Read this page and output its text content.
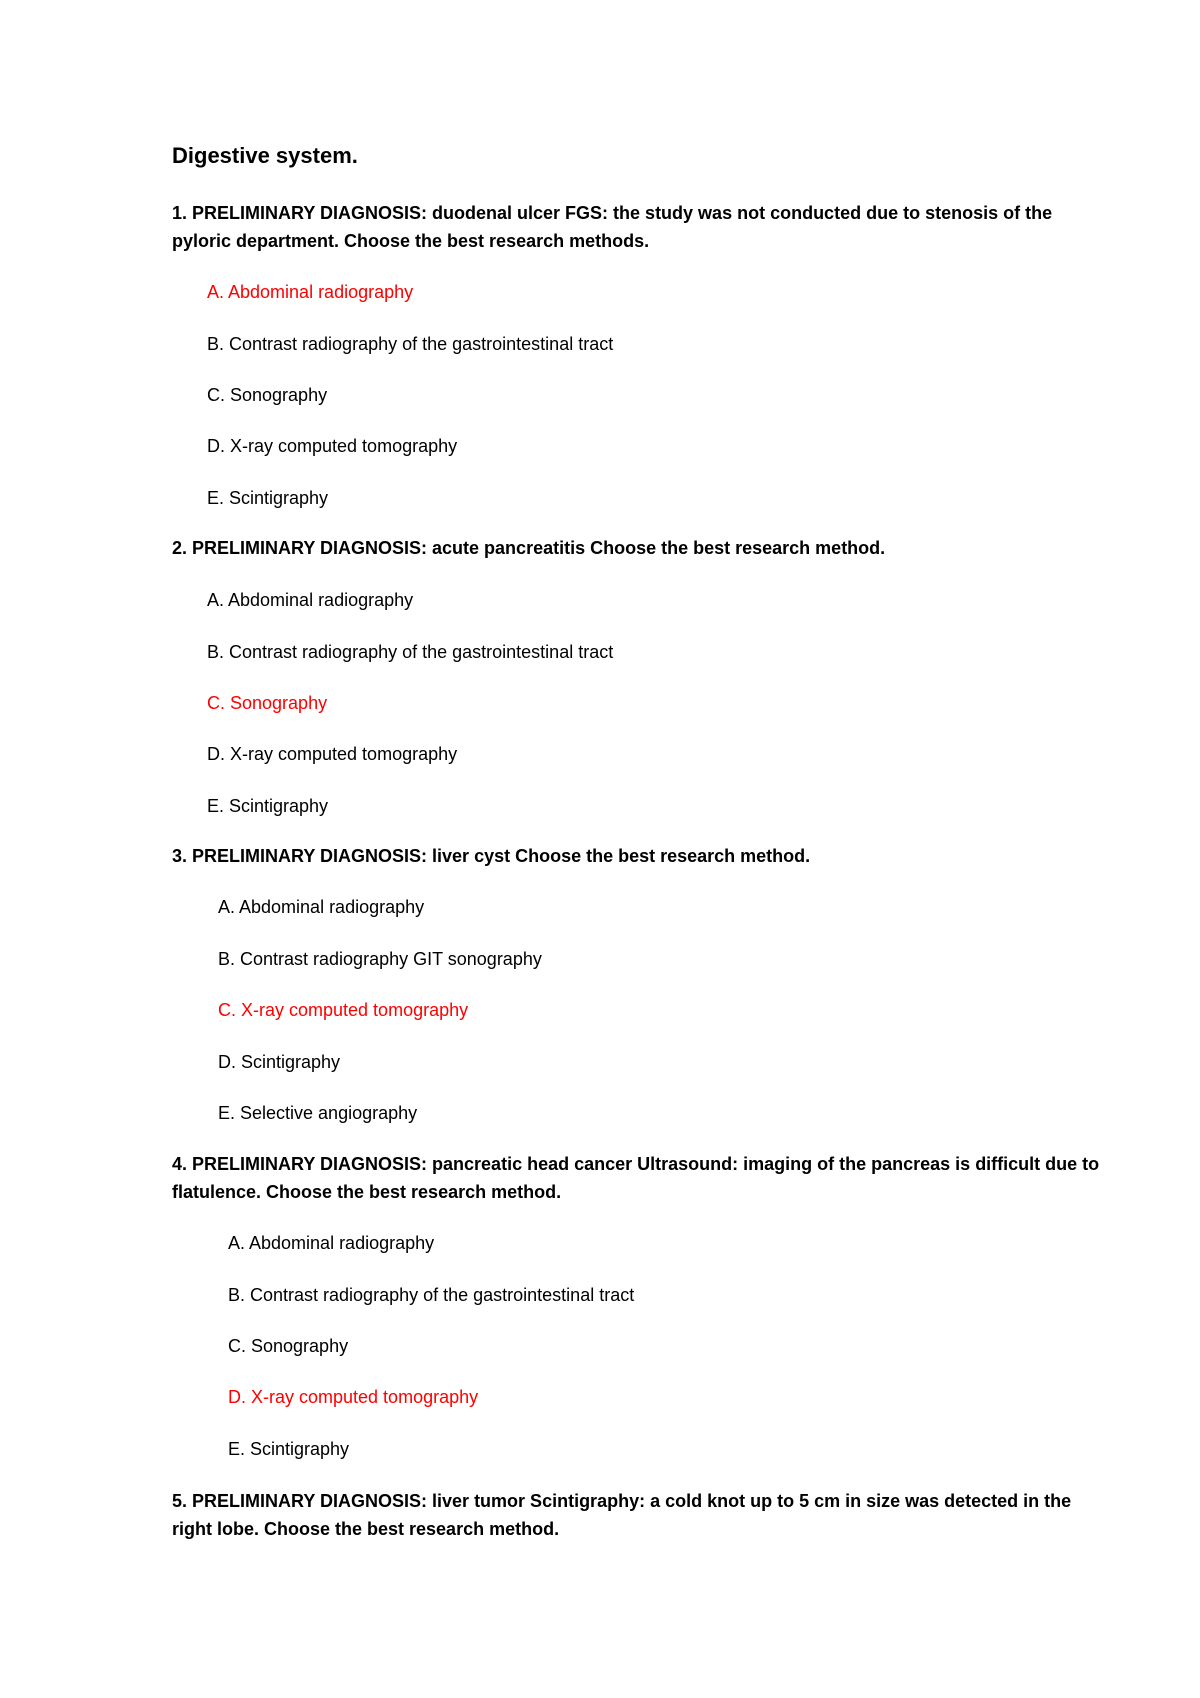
Digestive system.
1. PRELIMINARY DIAGNOSIS: duodenal ulcer FGS: the study was not conducted due to stenosis of the pyloric department. Choose the best research methods.
A. Abdominal radiography
B. Contrast radiography of the gastrointestinal tract
C. Sonography
D. X-ray computed tomography
E. Scintigraphy
2. PRELIMINARY DIAGNOSIS: acute pancreatitis Choose the best research method.
A. Abdominal radiography
B. Contrast radiography of the gastrointestinal tract
C. Sonography
D. X-ray computed tomography
E. Scintigraphy
3. PRELIMINARY DIAGNOSIS: liver cyst Choose the best research method.
A. Abdominal radiography
B. Contrast radiography GIT sonography
C. X-ray computed tomography
D. Scintigraphy
E. Selective angiography
4. PRELIMINARY DIAGNOSIS: pancreatic head cancer Ultrasound: imaging of the pancreas is difficult due to flatulence. Choose the best research method.
A. Abdominal radiography
B. Contrast radiography of the gastrointestinal tract
C. Sonography
D. X-ray computed tomography
E. Scintigraphy
5. PRELIMINARY DIAGNOSIS: liver tumor Scintigraphy: a cold knot up to 5 cm in size was detected in the right lobe. Choose the best research method.
